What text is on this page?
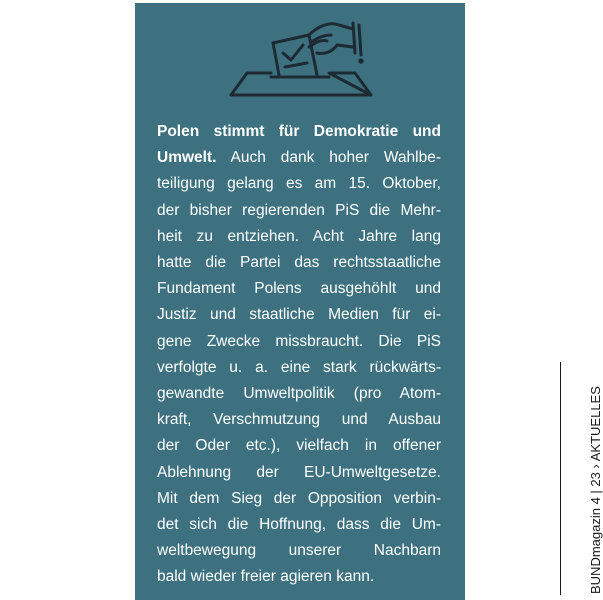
Polen stimmt für Demokratie und
Umwelt. Auch dank hoher Wahlbe-
teiligung gelang es am 15. Oktober,
der bisher regierenden PiS die Mehr-
heit zu entziehen. Acht Jahre lang
hatte die Partei das rechtsstaatliche
Fundament Polens ausgehöhlt und
Justiz und staatliche Medien für ei-
gene Zwecke missbraucht. Die PiS
verfolgte u. a. eine stark rückwärts-
gewandte Umweltpolitik (pro Atom-
kraft, Verschmutzung und Ausbau
der Oder etc.), vielfach in offener
Ablehnung der EU-Umweltgesetze.
Mit dem Sieg der Opposition verbin-
det sich die Hoffnung, dass die Um-
weltbewegung unserer Nachbarn
bald wieder freier agieren kann.	BUNDmagazin 4 | 23 › AKTUELLES
